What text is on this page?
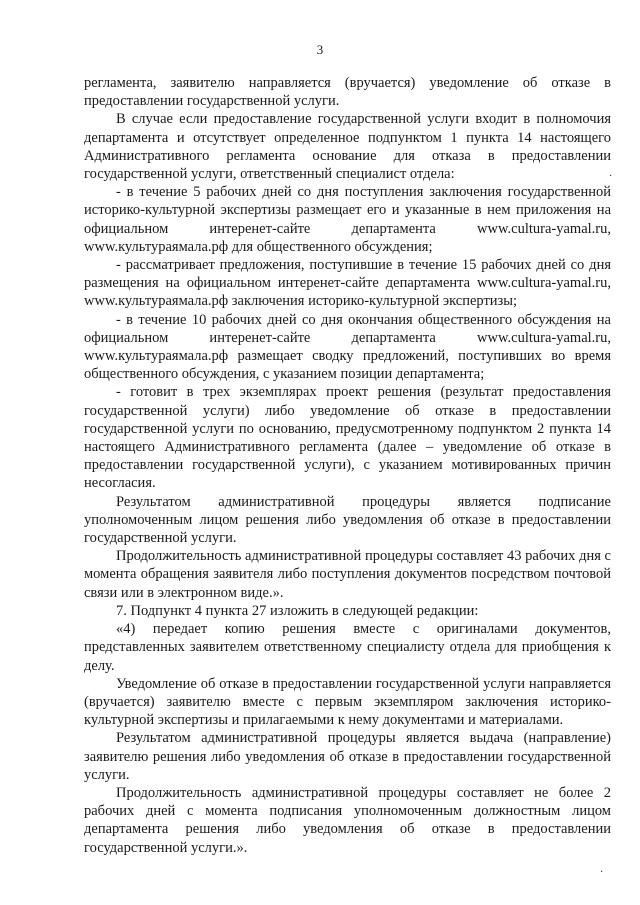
3

регламента, заявителю направляется (вручается) уведомление об отказе в предоставлении государственной услуги.

В случае если предоставление государственной услуги входит в полномочия департамента и отсутствует определенное подпунктом 1 пункта 14 настоящего Административного регламента основание для отказа в предоставлении государственной услуги, ответственный специалист отдела:

- в течение 5 рабочих дней со дня поступления заключения государственной историко-культурной экспертизы размещает его и указанные в нем приложения на официальном интерeнет-сайте департамента www.cultura-yamal.ru, www.культураямала.рф для общественного обсуждения;

- рассматривает предложения, поступившие в течение 15 рабочих дней со дня размещения на официальном интерeнет-сайте департамента www.cultura-yamal.ru, www.культураямала.рф заключения историко-культурной экспертизы;

- в течение 10 рабочих дней со дня окончания общественного обсуждения на официальном интерeнет-сайте департамента www.cultura-yamal.ru, www.культураямала.рф размещает сводку предложений, поступивших во время общественного обсуждения, с указанием позиции департамента;

- готовит в трех экземплярах проект решения (результат предоставления государственной услуги) либо уведомление об отказе в предоставлении государственной услуги по основанию, предусмотренному подпунктом 2 пункта 14 настоящего Административного регламента (далее – уведомление об отказе в предоставлении государственной услуги), с указанием мотивированных причин несогласия.

Результатом административной процедуры является подписание уполномоченным лицом решения либо уведомления об отказе в предоставлении государственной услуги.

Продолжительность административной процедуры составляет 43 рабочих дня с момента обращения заявителя либо поступления документов посредством почтовой связи или в электронном виде.».

7. Подпункт 4 пункта 27 изложить в следующей редакции:

«4) передает копию решения вместе с оригиналами документов, представленных заявителем ответственному специалисту отдела для приобщения к делу.

Уведомление об отказе в предоставлении государственной услуги направляется (вручается) заявителю вместе с первым экземпляром заключения историко-культурной экспертизы и прилагаемыми к нему документами и материалами.

Результатом административной процедуры является выдача (направление) заявителю решения либо уведомления об отказе в предоставлении государственной услуги.

Продолжительность административной процедуры составляет не более 2 рабочих дней с момента подписания уполномоченным должностным лицом департамента решения либо уведомления об отказе в предоставлении государственной услуги.».

·
·
